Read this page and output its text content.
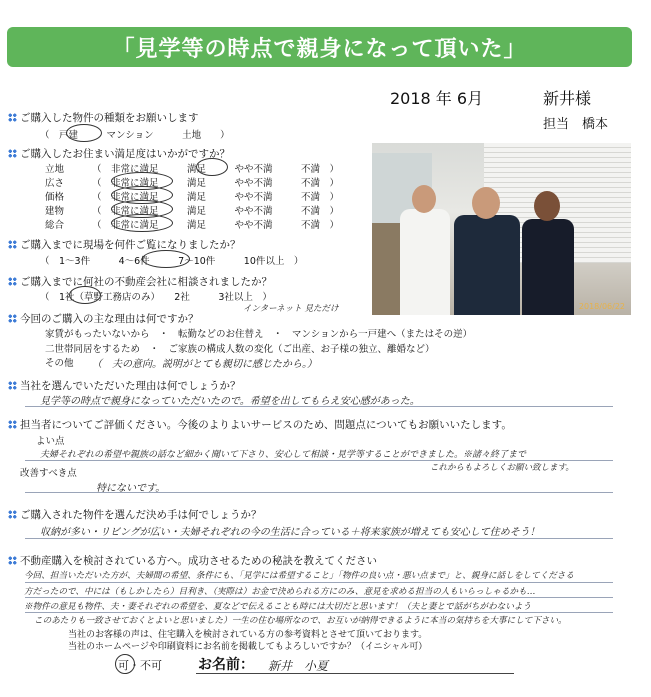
「見学等の時点で親身になって頂いた」
2018 年 6月	新井様
担当　橋本
ご購入した物件の種類をお願いします
（　戸建　　　マンション　　　土地　　）
ご購入したお住まい満足度はいかがですか？
立地	（　非常に満足　　　満足　　　やや不満　　　不満　）
広さ	（　非常に満足　　　満足　　　やや不満　　　不満　）
価格	（　非常に満足　　　満足　　　やや不満　　　不満　）
建物	（　非常に満足　　　満足　　　やや不満　　　不満　）
総合	（　非常に満足　　　満足　　　やや不満　　　不満　）
ご購入までに現場を何件ご覧になりましたか？
（　1～3件　　　4～6件　　　7～10件　　　10件以上　）
ご購入までに何社の不動産会社に相談されましたか？
（　1社（草野工務店のみ）　　2社　　　3社以上　）
インターネット 見ただけ
今回のご購入の主な理由は何ですか？
家賃がもったいないから　・　転勤などのお住替え　・　マンションから一戸建へ（またはその逆）
二世帯同居をするため　・　ご家族の構成人数の変化（ご出産、お子様の独立、離婚など）
その他 （　夫の意向。説明がとても親切に感じたから。）
当社を選んでいただいた理由は何でしょうか？
見学等の時点で親身になっていただいたので。希望を出してもらえ安心感があった。
担当者についてご評価ください。今後のよりよいサービスのため、問題点についてもお願いいたします。
よい点
夫婦それぞれの希望や親族の話など細かく聞いて下さり、安心して相談・見学等することができました。※諸々終了まで
これからもよろしくお願い致します。
改善すべき点
特にないです。
ご購入された物件を選んだ決め手は何でしょうか？
収納が多い・リビングが広い・夫婦それぞれの今の生活に合っている＋将来家族が増えても安心して住めそう！
不動産購入を検討されている方へ。成功させるための秘訣を教えてください
今回、担当いただいた方が、夫婦間の希望、条件にも、「見学には希望すること」「物件の良い点・悪い点まで」と、親身に話しをしてくださる
方だったので、中には（もしかしたら）目利き、（実際は）お金で決められる方にのみ、意見を求める担当の人もいらっしゃるかも…
※物件の意見も物件、夫・妻それぞれの希望を、夏などで伝えることも時には大切だと思います！（夫と妻とで話がちがわないよう
このあたりも一致させておくとよいと思いました）一生の住む場所なので、お互いが納得できるように本当の気持ちを大事にして下さい。
当社のお客様の声は、住宅購入を検討されている方の参考資料とさせて頂いております。
当社のホームページや印刷資料にお名前を掲載してもよろしいですか？（イニシャル可）
可・不可	お名前： 新井　小夏
2018/06/22
